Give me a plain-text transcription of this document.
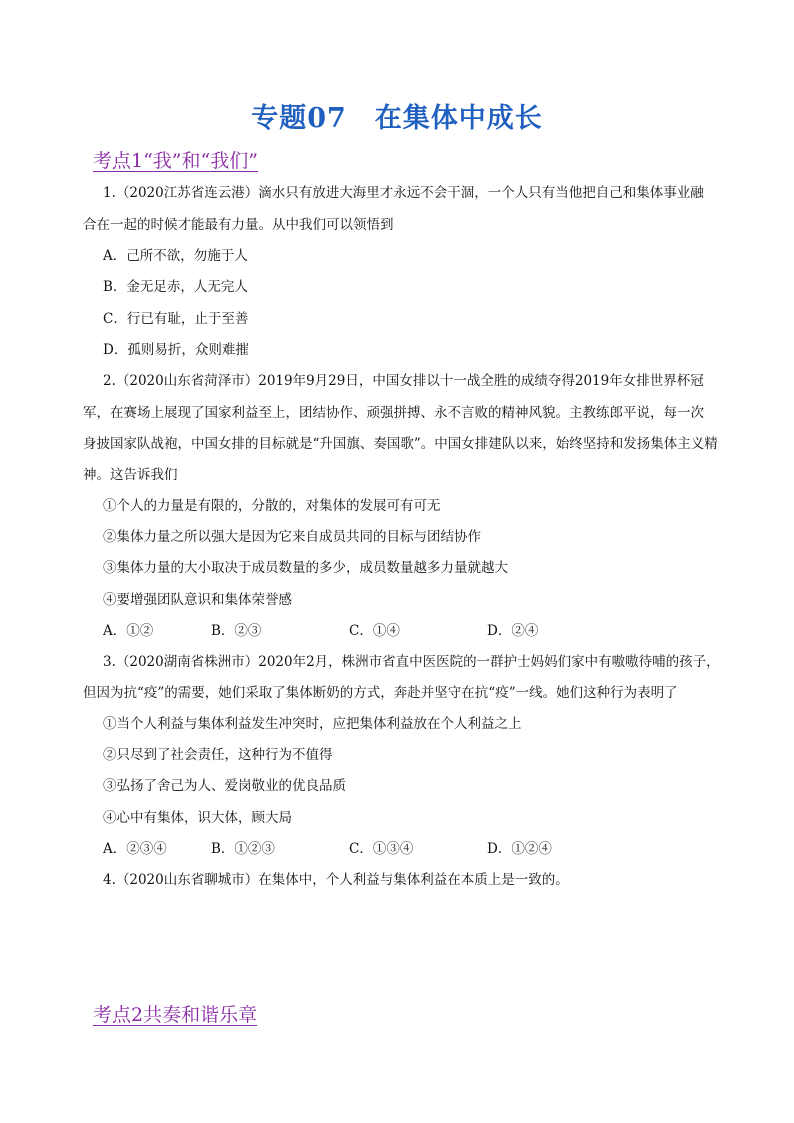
专题07 在集体中成长
考点1“我”和“我们”
1.（2020江苏省连云港）滴水只有放进大海里才永远不会干涸，一个人只有当他把自己和集体事业融
合在一起的时候才能最有力量。从中我们可以领悟到
A．己所不欲，勿施于人
B．金无足赤，人无完人
C．行已有耻，止于至善
D．孤则易折，众则难摧
2.（2020山东省菏泽市）2019年9月29日，中国女排以十一战全胜的成绩夺得2019年女排世界杯冠
军，在赛场上展现了国家利益至上，团结协作、顽强拼搏、永不言败的精神风貌。主教练郎平说，每一次
身披国家队战袍，中国女排的目标就是“升国旗、奏国歌”。中国女排建队以来，始终坚持和发扬集体主义精
神。这告诉我们
①个人的力量是有限的，分散的，对集体的发展可有可无
②集体力量之所以强大是因为它来自成员共同的目标与团结协作
③集体力量的大小取决于成员数量的多少，成员数量越多力量就越大
④要增强团队意识和集体荣誉感
A．①②	B．②③	C．①④	D．②④
3.（2020湖南省株洲市）2020年2月，株洲市省直中医医院的一群护士妈妈们家中有嗷嗷待哺的孩子，
但因为抗“疫”的需要，她们采取了集体断奶的方式，奔赴并坚守在抗“疫”一线。她们这种行为表明了
①当个人利益与集体利益发生冲突时，应把集体利益放在个人利益之上
②只尽到了社会责任，这种行为不值得
③弘扬了舍己为人、爱岗敬业的优良品质
④心中有集体，识大体，顾大局
A．②③④	B．①②③	C．①③④	D．①②④
4.（2020山东省聊城市）在集体中，个人利益与集体利益在本质上是一致的。
考点2共奏和谐乐章
